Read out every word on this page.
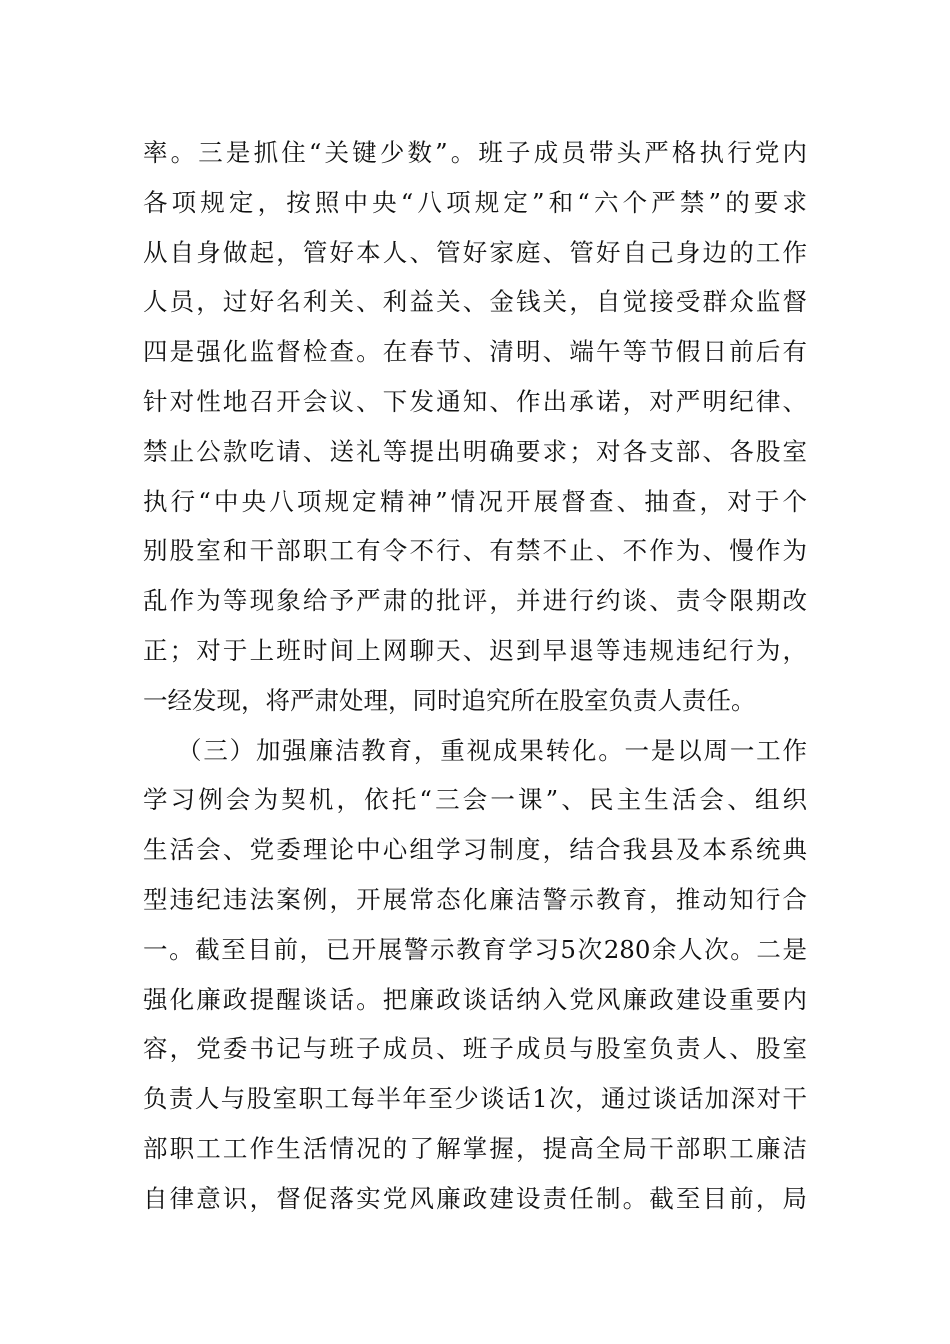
率。三是抓住“关键少数”。班子成员带头严格执行党内
各项规定，按照中央“八项规定”和“六个严禁”的要求
从自身做起，管好本人、管好家庭、管好自己身边的工作
人员，过好名利关、利益关、金钱关，自觉接受群众监督
四是强化监督检查。在春节、清明、端午等节假日前后有
针对性地召开会议、下发通知、作出承诺，对严明纪律、
禁止公款吃请、送礼等提出明确要求；对各支部、各股室
执行“中央八项规定精神”情况开展督查、抽查，对于个
别股室和干部职工有令不行、有禁不止、不作为、慢作为
乱作为等现象给予严肃的批评，并进行约谈、责令限期改
正；对于上班时间上网聊天、迟到早退等违规违纪行为，
一经发现，将严肃处理，同时追究所在股室负责人责任。
（三）加强廉洁教育，重视成果转化。一是以周一工作
学习例会为契机，依托“三会一课”、民主生活会、组织
生活会、党委理论中心组学习制度，结合我县及本系统典
型违纪违法案例，开展常态化廉洁警示教育，推动知行合
一。截至目前，已开展警示教育学习5次280余人次。二是
强化廉政提醒谈话。把廉政谈话纳入党风廉政建设重要内
容，党委书记与班子成员、班子成员与股室负责人、股室
负责人与股室职工每半年至少谈话1次，通过谈话加深对干
部职工工作生活情况的了解掌握，提高全局干部职工廉洁
自律意识，督促落实党风廉政建设责任制。截至目前，局
